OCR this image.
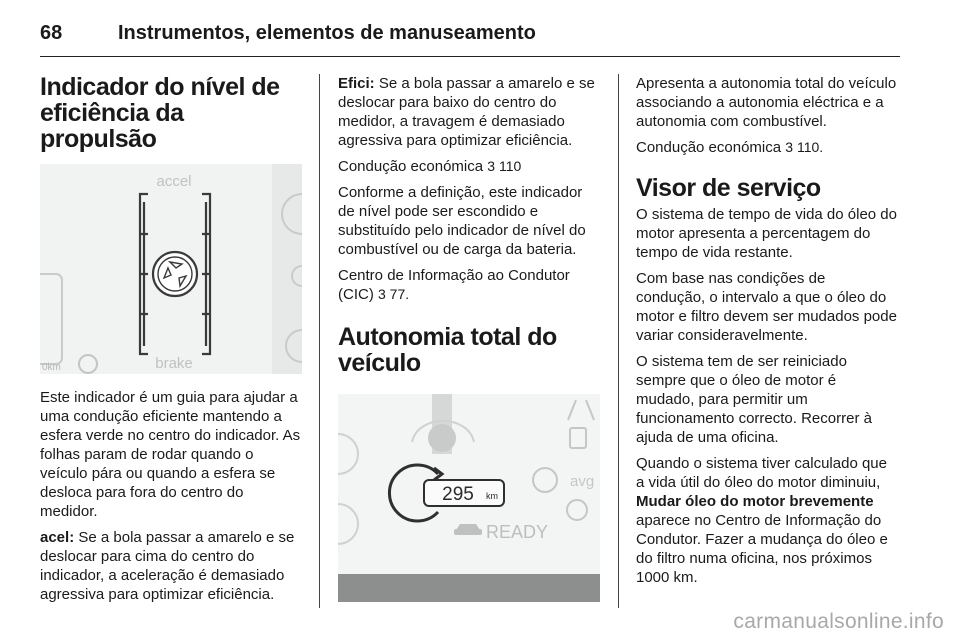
68	Instrumentos, elementos de manuseamento
Indicador do nível de
eficiência da propulsão
0km
accel
brake

Este indicador é um guia para ajudar a uma condução eficiente mantendo a esfera verde no centro do indicador. As folhas param de rodar quando o veículo pára ou quando a esfera se desloca para fora do centro do medidor.

acel: Se a bola passar a amarelo e se deslocar para cima do centro do indicador, a aceleração é demasiado agressiva para optimizar eficiência.

Efici: Se a bola passar a amarelo e se deslocar para baixo do centro do medidor, a travagem é demasiado agressiva para optimizar eficiência.

Condução económica 3 110

Conforme a definição, este indicador de nível pode ser escondido e substituído pelo indicador de nível do combustível ou de carga da bateria.

Centro de Informação ao Condutor (CIC) 3 77.

Autonomia total do veículo
avg
295 km
READY

Apresenta a autonomia total do veículo associando a autonomia eléctrica e a autonomia com combustível.

Condução económica 3 110.

Visor de serviço

O sistema de tempo de vida do óleo do motor apresenta a percentagem do tempo de vida restante.

Com base nas condições de condução, o intervalo a que o óleo do motor e filtro devem ser mudados pode variar consideravelmente.

O sistema tem de ser reiniciado sempre que o óleo de motor é mudado, para permitir um funcionamento correcto. Recorrer à ajuda de uma oficina.

Quando o sistema tiver calculado que a vida útil do óleo do motor diminuiu, Mudar óleo do motor brevemente aparece no Centro de Informação do Condutor. Fazer a mudança do óleo e do filtro numa oficina, nos próximos 1000 km.

carmanualsonline.info
